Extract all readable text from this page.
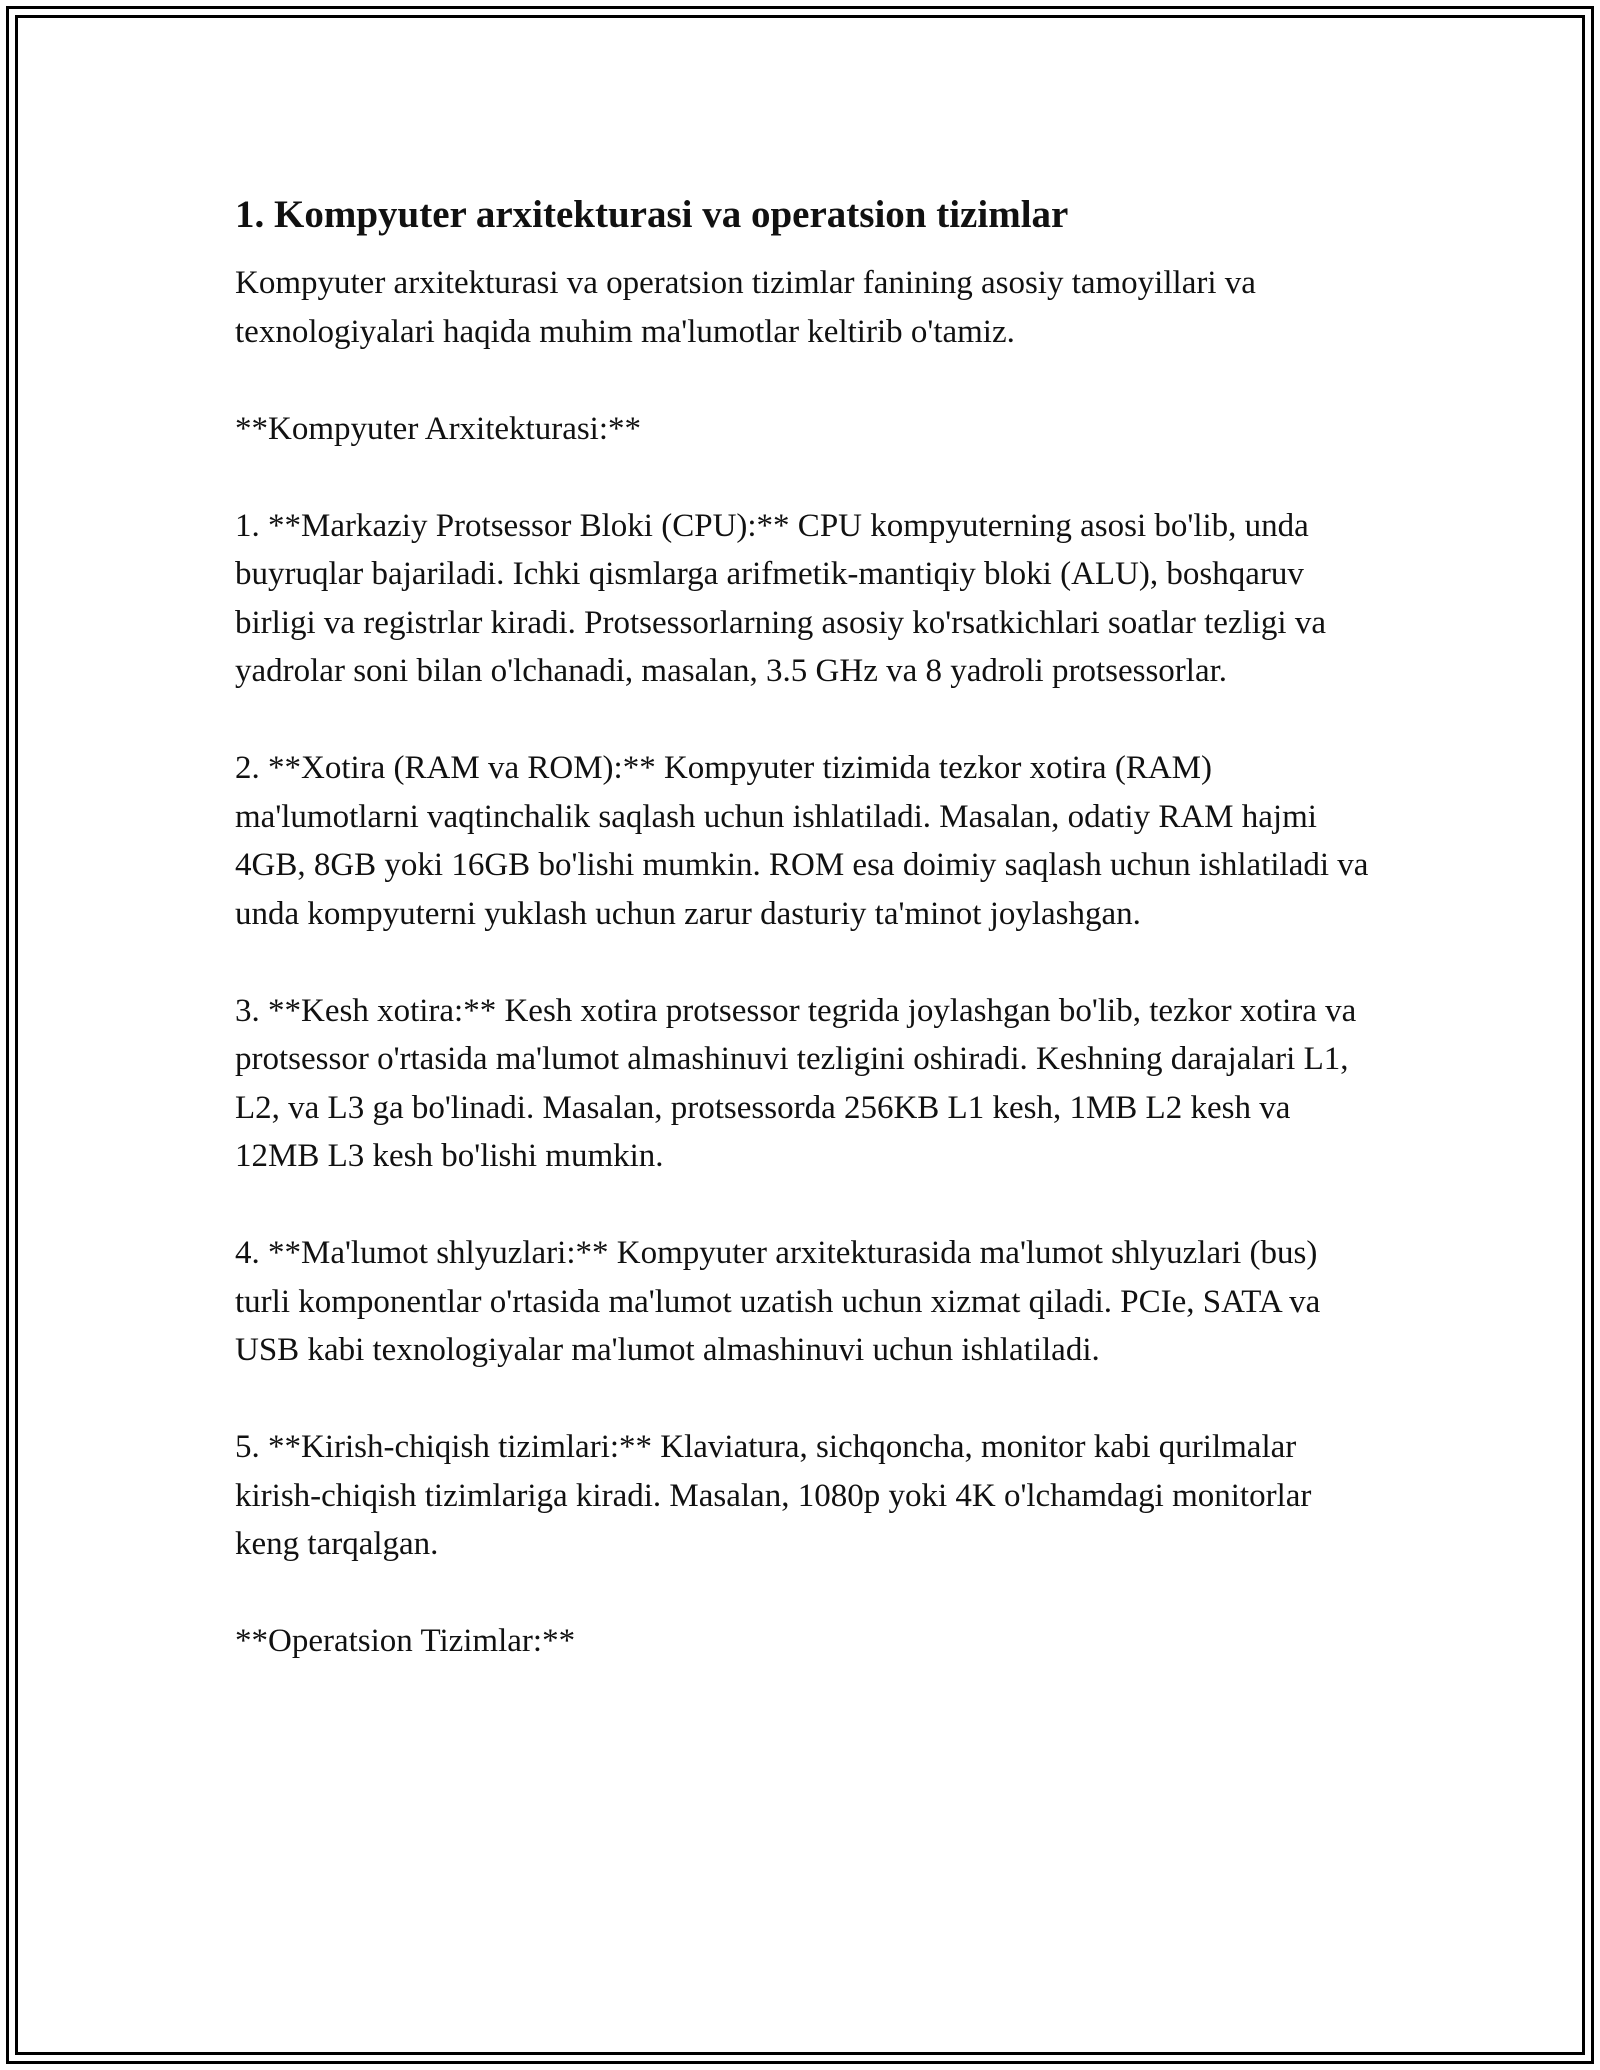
1. Kompyuter arxitekturasi va operatsion tizimlar

Kompyuter arxitekturasi va operatsion tizimlar fanining asosiy tamoyillari va texnologiyalari haqida muhim ma'lumotlar keltirib o'tamiz.

**Kompyuter Arxitekturasi:**

1. **Markaziy Protsessor Bloki (CPU):** CPU kompyuterning asosi bo'lib, unda buyruqlar bajariladi. Ichki qismlarga arifmetik-mantiqiy bloki (ALU), boshqaruv birligi va registrlar kiradi. Protsessorlarning asosiy ko'rsatkichlari soatlar tezligi va yadrolar soni bilan o'lchanadi, masalan, 3.5 GHz va 8 yadroli protsessorlar.

2. **Xotira (RAM va ROM):** Kompyuter tizimida tezkor xotira (RAM) ma'lumotlarni vaqtinchalik saqlash uchun ishlatiladi. Masalan, odatiy RAM hajmi 4GB, 8GB yoki 16GB bo'lishi mumkin. ROM esa doimiy saqlash uchun ishlatiladi va unda kompyuterni yuklash uchun zarur dasturiy ta'minot joylashgan.

3. **Kesh xotira:** Kesh xotira protsessor tegrida joylashgan bo'lib, tezkor xotira va protsessor o'rtasida ma'lumot almashinuvi tezligini oshiradi. Keshning darajalari L1, L2, va L3 ga bo'linadi. Masalan, protsessorda 256KB L1 kesh, 1MB L2 kesh va 12MB L3 kesh bo'lishi mumkin.

4. **Ma'lumot shlyuzlari:** Kompyuter arxitekturasida ma'lumot shlyuzlari (bus) turli komponentlar o'rtasida ma'lumot uzatish uchun xizmat qiladi. PCIe, SATA va USB kabi texnologiyalar ma'lumot almashinuvi uchun ishlatiladi.

5. **Kirish-chiqish tizimlari:** Klaviatura, sichqoncha, monitor kabi qurilmalar kirish-chiqish tizimlariga kiradi. Masalan, 1080p yoki 4K o'lchamdagi monitorlar keng tarqalgan.

**Operatsion Tizimlar:**
